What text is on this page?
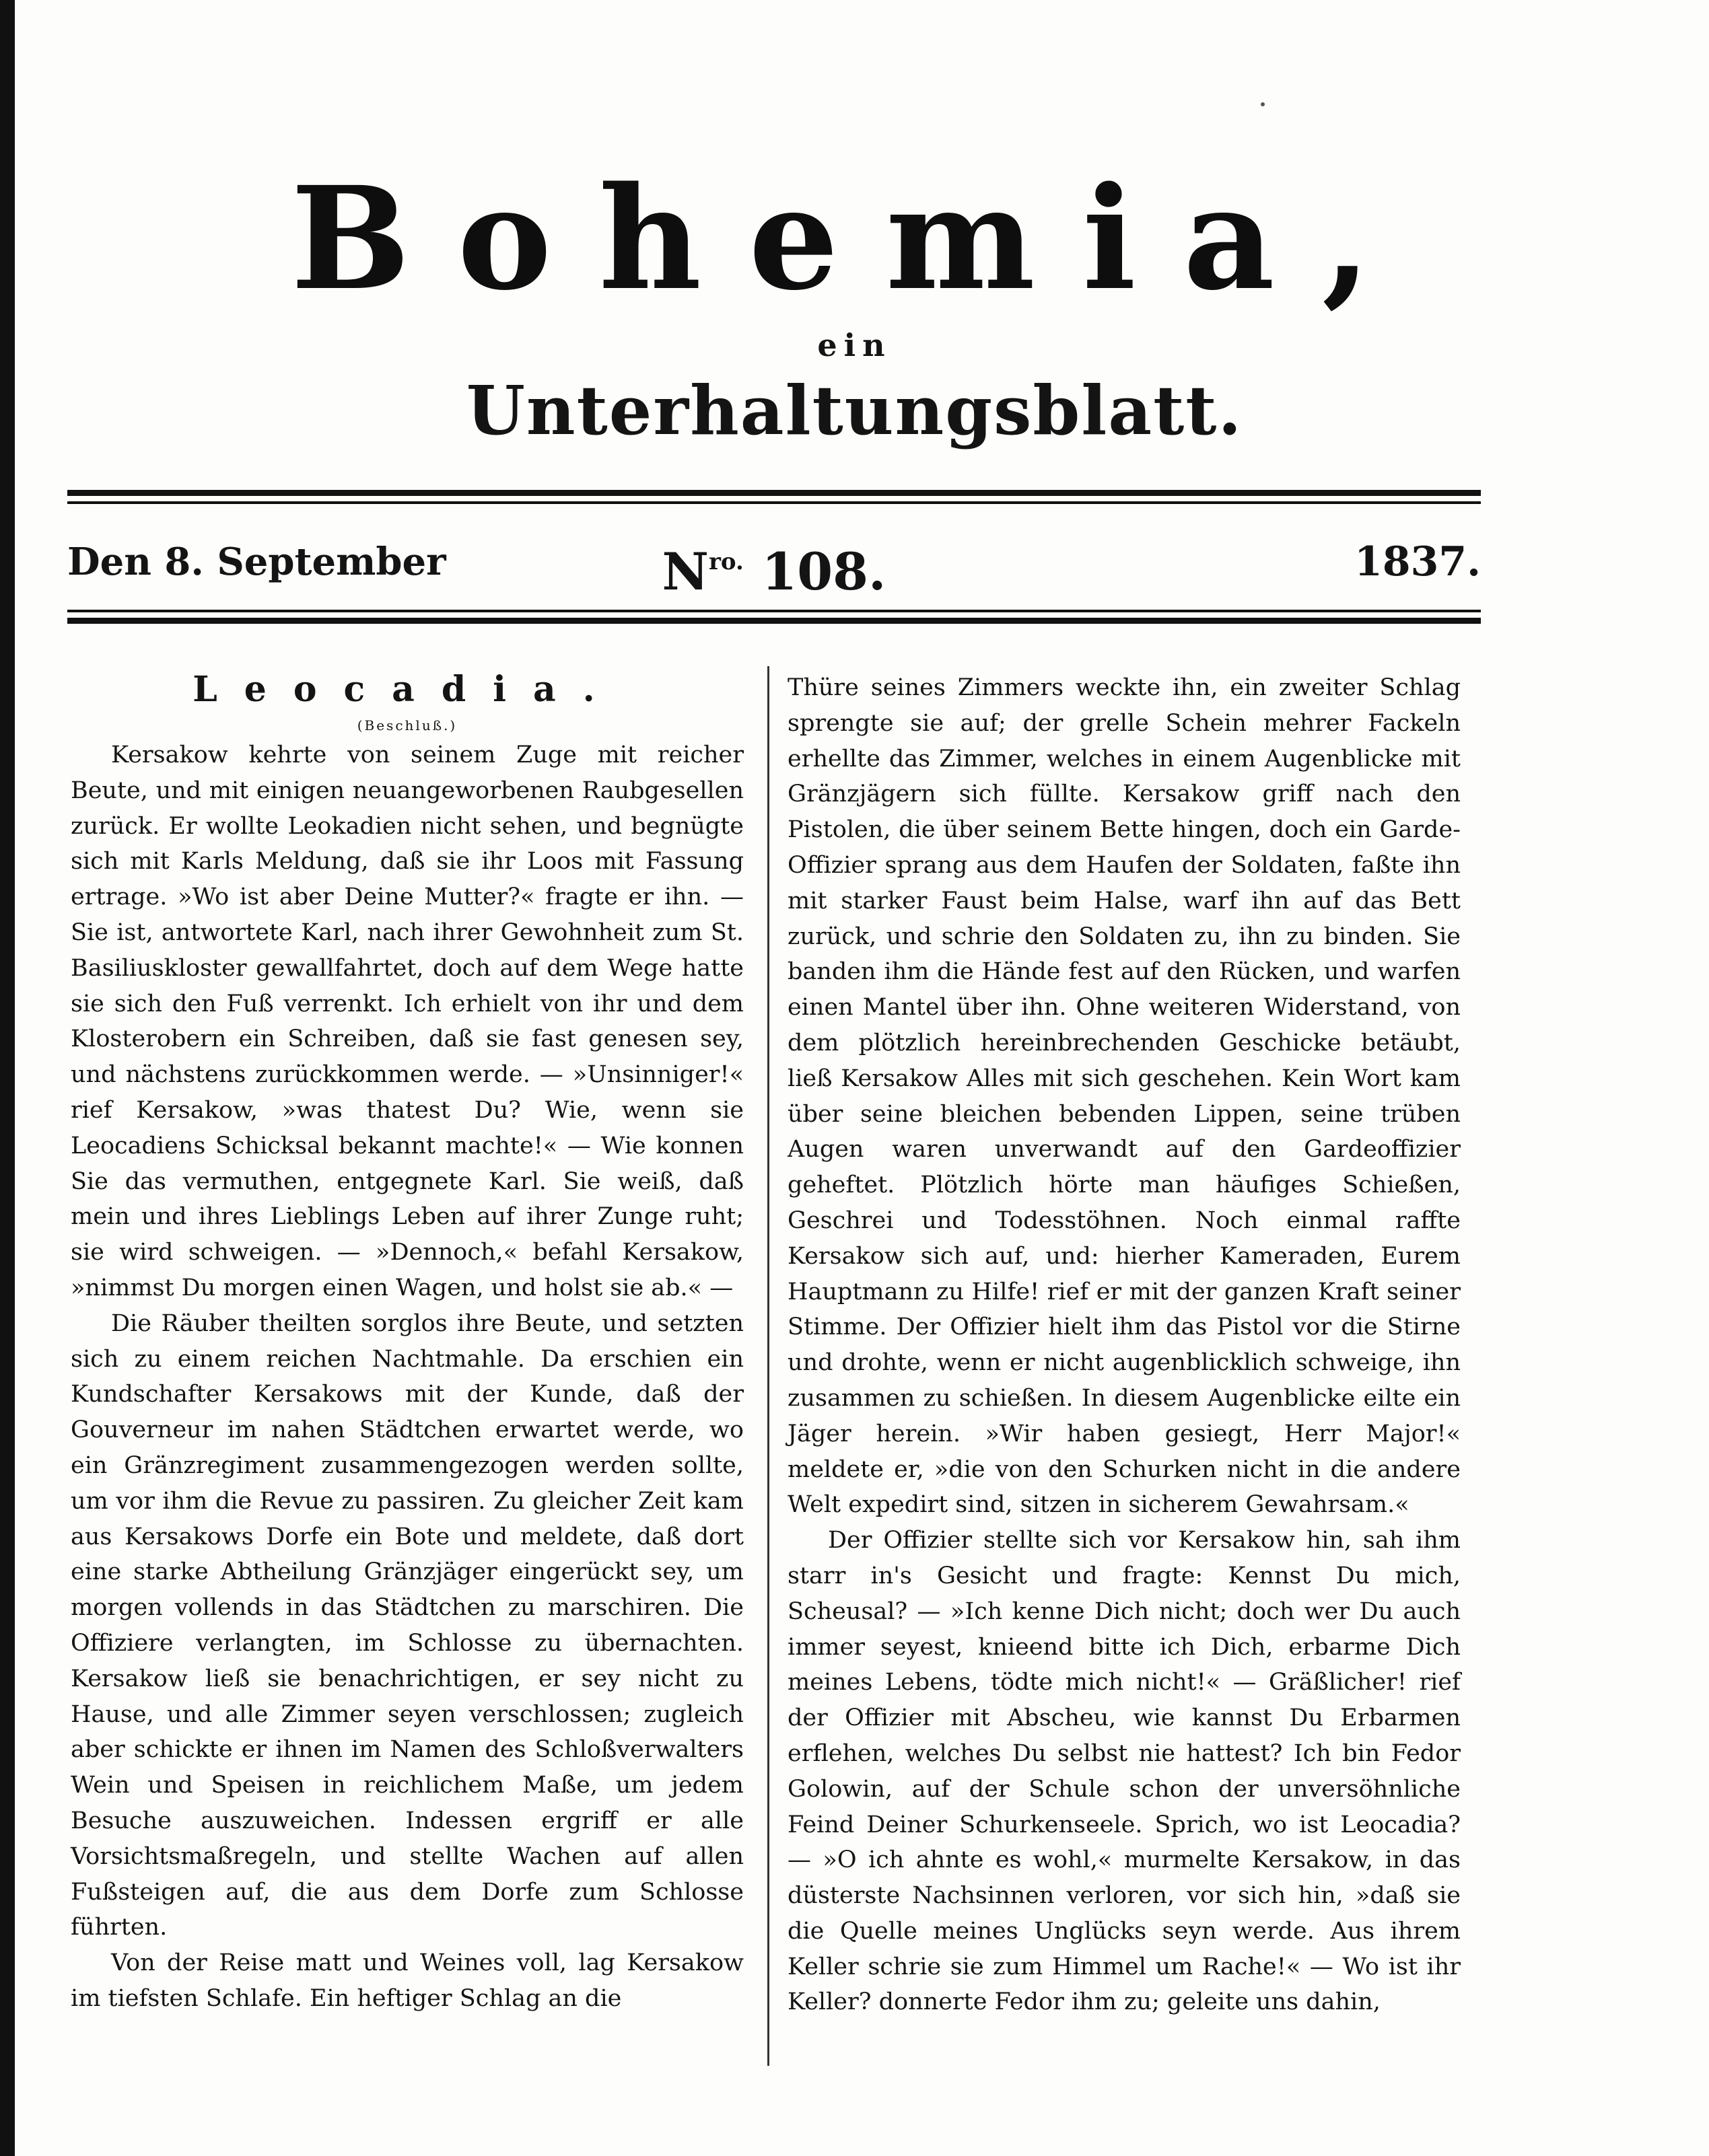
Bohemia,
ein
Unterhaltungsblatt.
Den 8. September	$N^{ro.}$ 108.	1837.

Leocadia.

(Beschluß.)

Kersakow kehrte von seinem Zuge mit reicher Beute, und mit einigen neuangeworbenen Raubgesellen zurück. Er wollte Leokadien nicht sehen, und begnügte sich mit Karls Meldung, daß sie ihr Loos mit Fassung ertrage. »Wo ist aber Deine Mutter?« fragte er ihn. — Sie ist, antwortete Karl, nach ihrer Gewohnheit zum St. Basiliuskloster gewallfahrtet, doch auf dem Wege hatte sie sich den Fuß verrenkt. Ich erhielt von ihr und dem Klosterobern ein Schreiben, daß sie fast genesen sey, und nächstens zurückkommen werde. — »Unsinniger!« rief Kersakow, »was thatest Du? Wie, wenn sie Leocadiens Schicksal bekannt machte!« — Wie konnen Sie das vermuthen, entgegnete Karl. Sie weiß, daß mein und ihres Lieblings Leben auf ihrer Zunge ruht; sie wird schweigen. — »Dennoch,« befahl Kersakow, »nimmst Du morgen einen Wagen, und holst sie ab.« —

Die Räuber theilten sorglos ihre Beute, und setzten sich zu einem reichen Nachtmahle. Da erschien ein Kundschafter Kersakows mit der Kunde, daß der Gouverneur im nahen Städtchen erwartet werde, wo ein Gränzregiment zusammengezogen werden sollte, um vor ihm die Revue zu passiren. Zu gleicher Zeit kam aus Kersakows Dorfe ein Bote und meldete, daß dort eine starke Abtheilung Gränzjäger eingerückt sey, um morgen vollends in das Städtchen zu marschiren. Die Offiziere verlangten, im Schlosse zu übernachten. Kersakow ließ sie benachrichtigen, er sey nicht zu Hause, und alle Zimmer seyen verschlossen; zugleich aber schickte er ihnen im Namen des Schloßverwalters Wein und Speisen in reichlichem Maße, um jedem Besuche auszuweichen. Indessen ergriff er alle Vorsichtsmaßregeln, und stellte Wachen auf allen Fußsteigen auf, die aus dem Dorfe zum Schlosse führten.

Von der Reise matt und Weines voll, lag Kersakow im tiefsten Schlafe. Ein heftiger Schlag an die

Thüre seines Zimmers weckte ihn, ein zweiter Schlag sprengte sie auf; der grelle Schein mehrer Fackeln erhellte das Zimmer, welches in einem Augenblicke mit Gränzjägern sich füllte. Kersakow griff nach den Pistolen, die über seinem Bette hingen, doch ein Garde-Offizier sprang aus dem Haufen der Soldaten, faßte ihn mit starker Faust beim Halse, warf ihn auf das Bett zurück, und schrie den Soldaten zu, ihn zu binden. Sie banden ihm die Hände fest auf den Rücken, und warfen einen Mantel über ihn. Ohne weiteren Widerstand, von dem plötzlich hereinbrechenden Geschicke betäubt, ließ Kersakow Alles mit sich geschehen. Kein Wort kam über seine bleichen bebenden Lippen, seine trüben Augen waren unverwandt auf den Gardeoffizier geheftet. Plötzlich hörte man häufiges Schießen, Geschrei und Todesstöhnen. Noch einmal raffte Kersakow sich auf, und: hierher Kameraden, Eurem Hauptmann zu Hilfe! rief er mit der ganzen Kraft seiner Stimme. Der Offizier hielt ihm das Pistol vor die Stirne und drohte, wenn er nicht augenblicklich schweige, ihn zusammen zu schießen. In diesem Augenblicke eilte ein Jäger herein. »Wir haben gesiegt, Herr Major!« meldete er, »die von den Schurken nicht in die andere Welt expedirt sind, sitzen in sicherem Gewahrsam.«

Der Offizier stellte sich vor Kersakow hin, sah ihm starr in's Gesicht und fragte: Kennst Du mich, Scheusal? — »Ich kenne Dich nicht; doch wer Du auch immer seyest, knieend bitte ich Dich, erbarme Dich meines Lebens, tödte mich nicht!« — Gräßlicher! rief der Offizier mit Abscheu, wie kannst Du Erbarmen erflehen, welches Du selbst nie hattest? Ich bin Fedor Golowin, auf der Schule schon der unversöhnliche Feind Deiner Schurkenseele. Sprich, wo ist Leocadia? — »O ich ahnte es wohl,« murmelte Kersakow, in das düsterste Nachsinnen verloren, vor sich hin, »daß sie die Quelle meines Unglücks seyn werde. Aus ihrem Keller schrie sie zum Himmel um Rache!« — Wo ist ihr Keller? donnerte Fedor ihm zu; geleite uns dahin,
